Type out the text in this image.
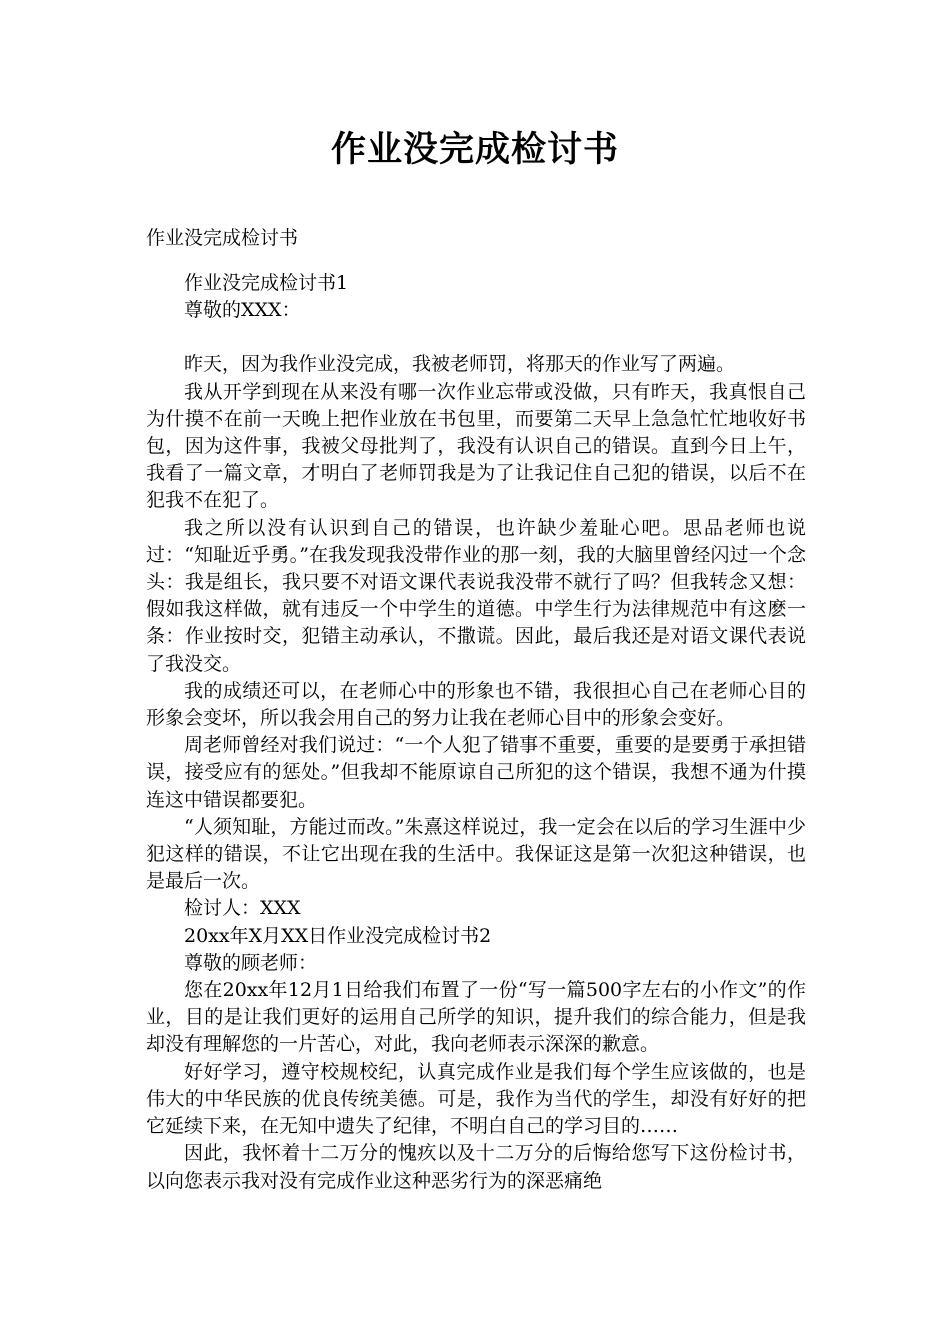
作业没完成检讨书
作业没完成检讨书

作业没完成检讨书1

尊敬的XXX：

昨天，因为我作业没完成，我被老师罚，将那天的作业写了两遍。

我从开学到现在从来没有哪一次作业忘带或没做，只有昨天，我真恨自己为什摸不在前一天晚上把作业放在书包里，而要第二天早上急急忙忙地收好书包，因为这件事，我被父母批判了，我没有认识自己的错误。直到今日上午，我看了一篇文章，才明白了老师罚我是为了让我记住自己犯的错误，以后不在犯我不在犯了。

我之所以没有认识到自己的错误，也许缺少羞耻心吧。思品老师也说过：“知耻近乎勇。”在我发现我没带作业的那一刻，我的大脑里曾经闪过一个念头：我是组长，我只要不对语文课代表说我没带不就行了吗？但我转念又想：假如我这样做，就有违反一个中学生的道德。中学生行为法律规范中有这麽一条：作业按时交，犯错主动承认，不撒谎。因此，最后我还是对语文课代表说了我没交。

我的成绩还可以，在老师心中的形象也不错，我很担心自己在老师心目的形象会变坏，所以我会用自己的努力让我在老师心目中的形象会变好。

周老师曾经对我们说过：“一个人犯了错事不重要，重要的是要勇于承担错误，接受应有的惩处。”但我却不能原谅自己所犯的这个错误，我想不通为什摸连这中错误都要犯。

“人须知耻，方能过而改。”朱熹这样说过，我一定会在以后的学习生涯中少犯这样的错误，不让它出现在我的生活中。我保证这是第一次犯这种错误，也是最后一次。

检讨人：XXX

20xx年X月XX日作业没完成检讨书2

尊敬的顾老师：

您在20xx年12月1日给我们布置了一份“写一篇500字左右的小作文”的作业，目的是让我们更好的运用自己所学的知识，提升我们的综合能力，但是我却没有理解您的一片苦心，对此，我向老师表示深深的歉意。

好好学习，遵守校规校纪，认真完成作业是我们每个学生应该做的，也是伟大的中华民族的优良传统美德。可是，我作为当代的学生，却没有好好的把它延续下来，在无知中遗失了纪律，不明白自己的学习目的……

因此，我怀着十二万分的愧疚以及十二万分的后悔给您写下这份检讨书，以向您表示我对没有完成作业这种恶劣行为的深恶痛绝
